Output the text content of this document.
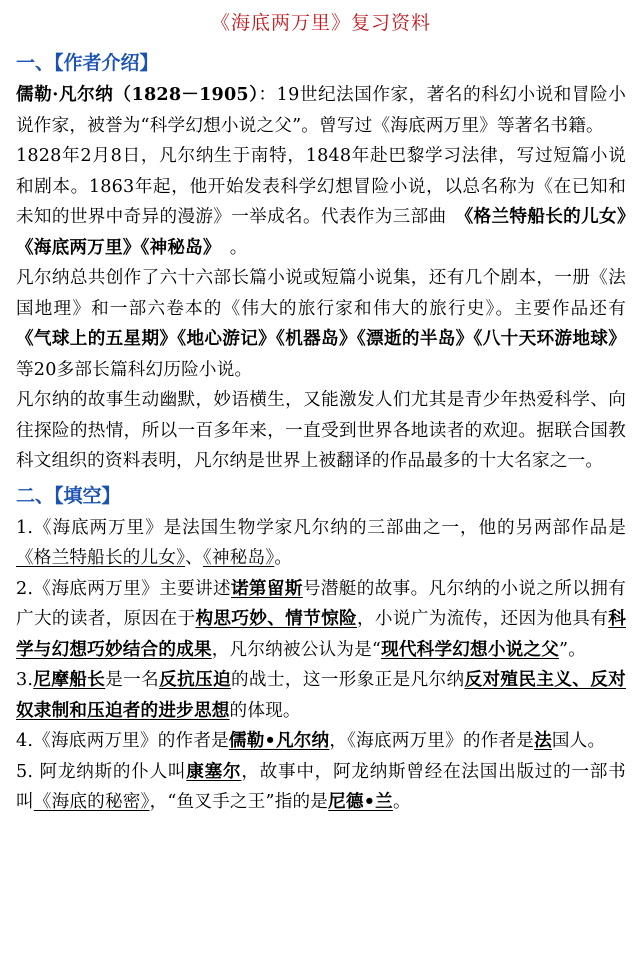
《海底两万里》复习资料
一、【作者介绍】

儒勒·凡尔纳（1828－1905）：19世纪法国作家，著名的科幻小说和冒险小说作家，被誉为“科学幻想小说之父”。曾写过《海底两万里》等著名书籍。

1828年2月8日，凡尔纳生于南特，1848年赴巴黎学习法律，写过短篇小说和剧本。1863年起，他开始发表科学幻想冒险小说，以总名称为《在已知和未知的世界中奇异的漫游》一举成名。代表作为三部曲　《格兰特船长的儿女》《海底两万里》《神秘岛》　。

凡尔纳总共创作了六十六部长篇小说或短篇小说集，还有几个剧本，一册《法国地理》和一部六卷本的《伟大的旅行家和伟大的旅行史》。主要作品还有《气球上的五星期》《地心游记》《机器岛》《漂逝的半岛》《八十天环游地球》等20多部长篇科幻历险小说。

凡尔纳的故事生动幽默，妙语横生，又能激发人们尤其是青少年热爱科学、向往探险的热情，所以一百多年来，一直受到世界各地读者的欢迎。据联合国教科文组织的资料表明，凡尔纳是世界上被翻译的作品最多的十大名家之一。

二、【填空】

1.《海底两万里》是法国生物学家凡尔纳的三部曲之一，他的另两部作品是《格兰特船长的儿女》、《神秘岛》。

2.《海底两万里》主要讲述诺第留斯号潜艇的故事。凡尔纳的小说之所以拥有广大的读者，原因在于构思巧妙、情节惊险，小说广为流传，还因为他具有科学与幻想巧妙结合的成果，凡尔纳被公认为是“现代科学幻想小说之父”。

3.尼摩船长是一名反抗压迫的战士，这一形象正是凡尔纳反对殖民主义、反对奴隶制和压迫者的进步思想的体现。

4.《海底两万里》的作者是儒勒•凡尔纳，《海底两万里》的作者是法国人。

5. 阿龙纳斯的仆人叫康塞尔，故事中，阿龙纳斯曾经在法国出版过的一部书叫《海底的秘密》，“鱼叉手之王”指的是尼德•兰。
